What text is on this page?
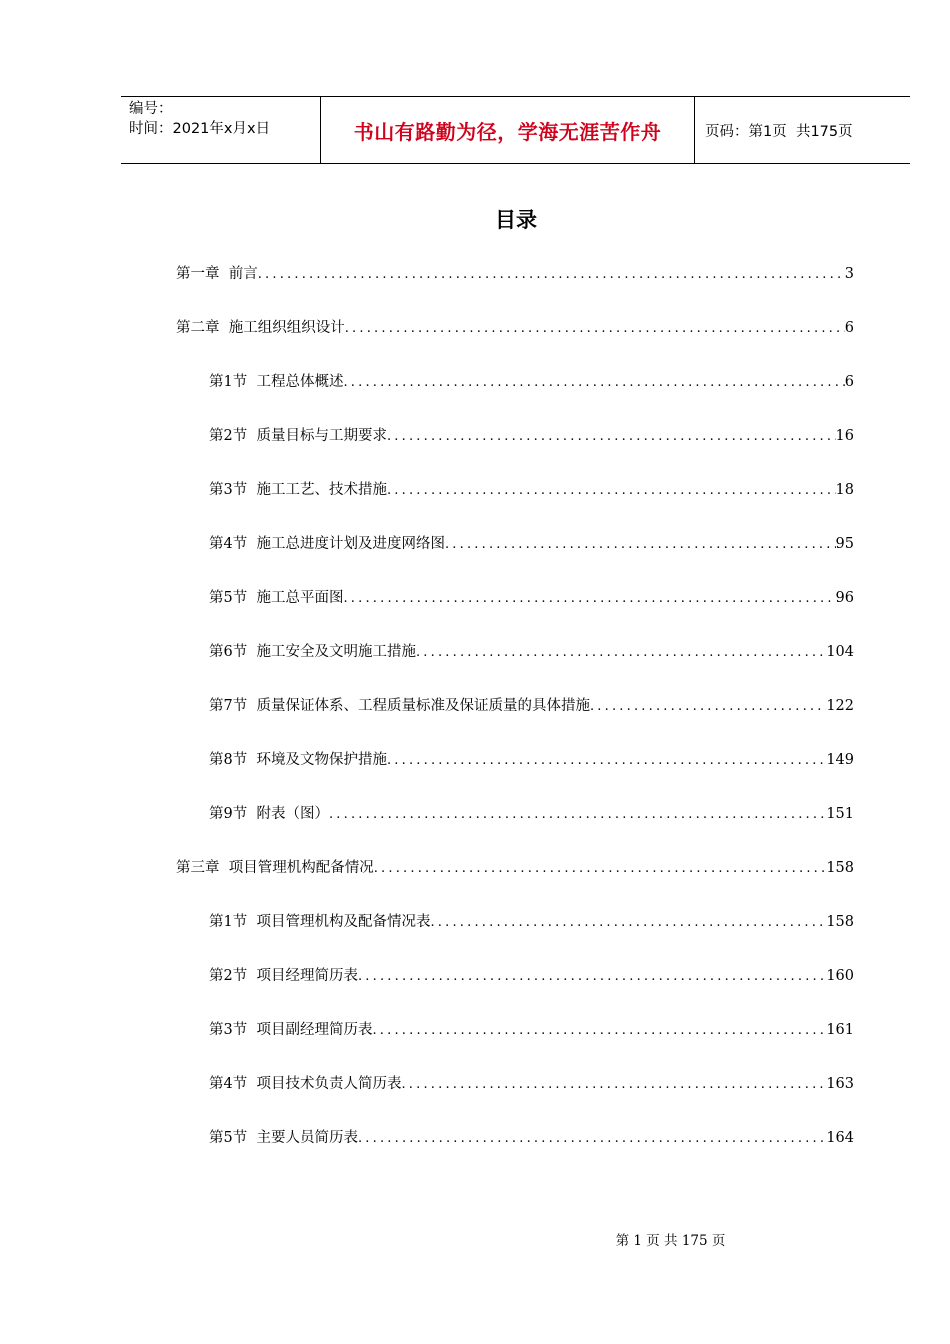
编号：
时间：2021年x月x日	书山有路勤为径，学海无涯苦作舟	页码：第1页  共175页
目录
第一章  前言 .....	3
第二章  施工组织组织设计 .....	6
第1节  工程总体概述 .....	6
第2节  质量目标与工期要求 .....	16
第3节  施工工艺、技术措施 .....	18
第4节  施工总进度计划及进度网络图 .....	95
第5节  施工总平面图 .....	96
第6节  施工安全及文明施工措施 .....	104
第7节  质量保证体系、工程质量标准及保证质量的具体措施 .....	122
第8节  环境及文物保护措施 .....	149
第9节  附表（图） .....	151
第三章  项目管理机构配备情况 .....	158
第1节  项目管理机构及配备情况表 .....	158
第2节  项目经理简历表 .....	160
第3节  项目副经理简历表 .....	161
第4节  项目技术负责人简历表 .....	163
第5节  主要人员简历表 .....	164
第 1 页 共 175 页
